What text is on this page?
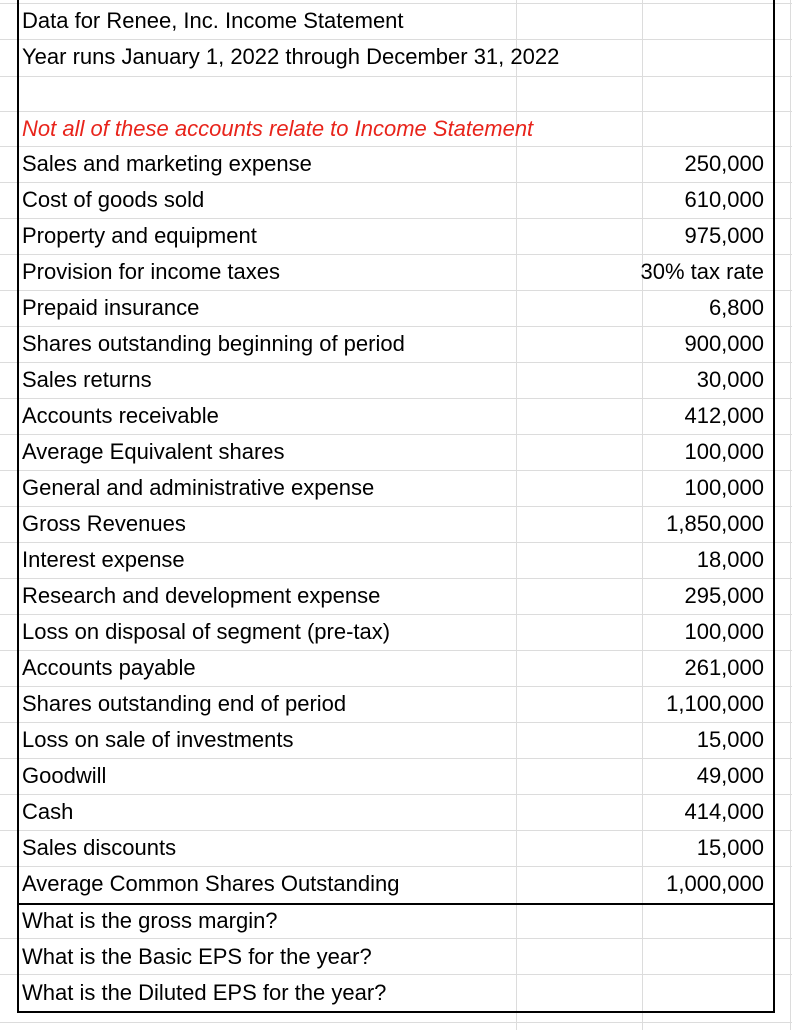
Data for Renee, Inc. Income Statement
Year runs January 1, 2022 through December 31, 2022
Not all of these accounts relate to Income Statement
Sales and marketing expense	250,000
Cost of goods sold	610,000
Property and equipment	975,000
Provision for income taxes	30% tax rate
Prepaid insurance	6,800
Shares outstanding beginning of period	900,000
Sales returns	30,000
Accounts receivable	412,000
Average Equivalent shares	100,000
General and administrative expense	100,000
Gross Revenues	1,850,000
Interest expense	18,000
Research and development expense	295,000
Loss on disposal of segment (pre-tax)	100,000
Accounts payable	261,000
Shares outstanding end of period	1,100,000
Loss on sale of investments	15,000
Goodwill	49,000
Cash	414,000
Sales discounts	15,000
Average Common Shares Outstanding	1,000,000
What is the gross margin?
What is the Basic EPS for the year?
What is the Diluted EPS for the year?
